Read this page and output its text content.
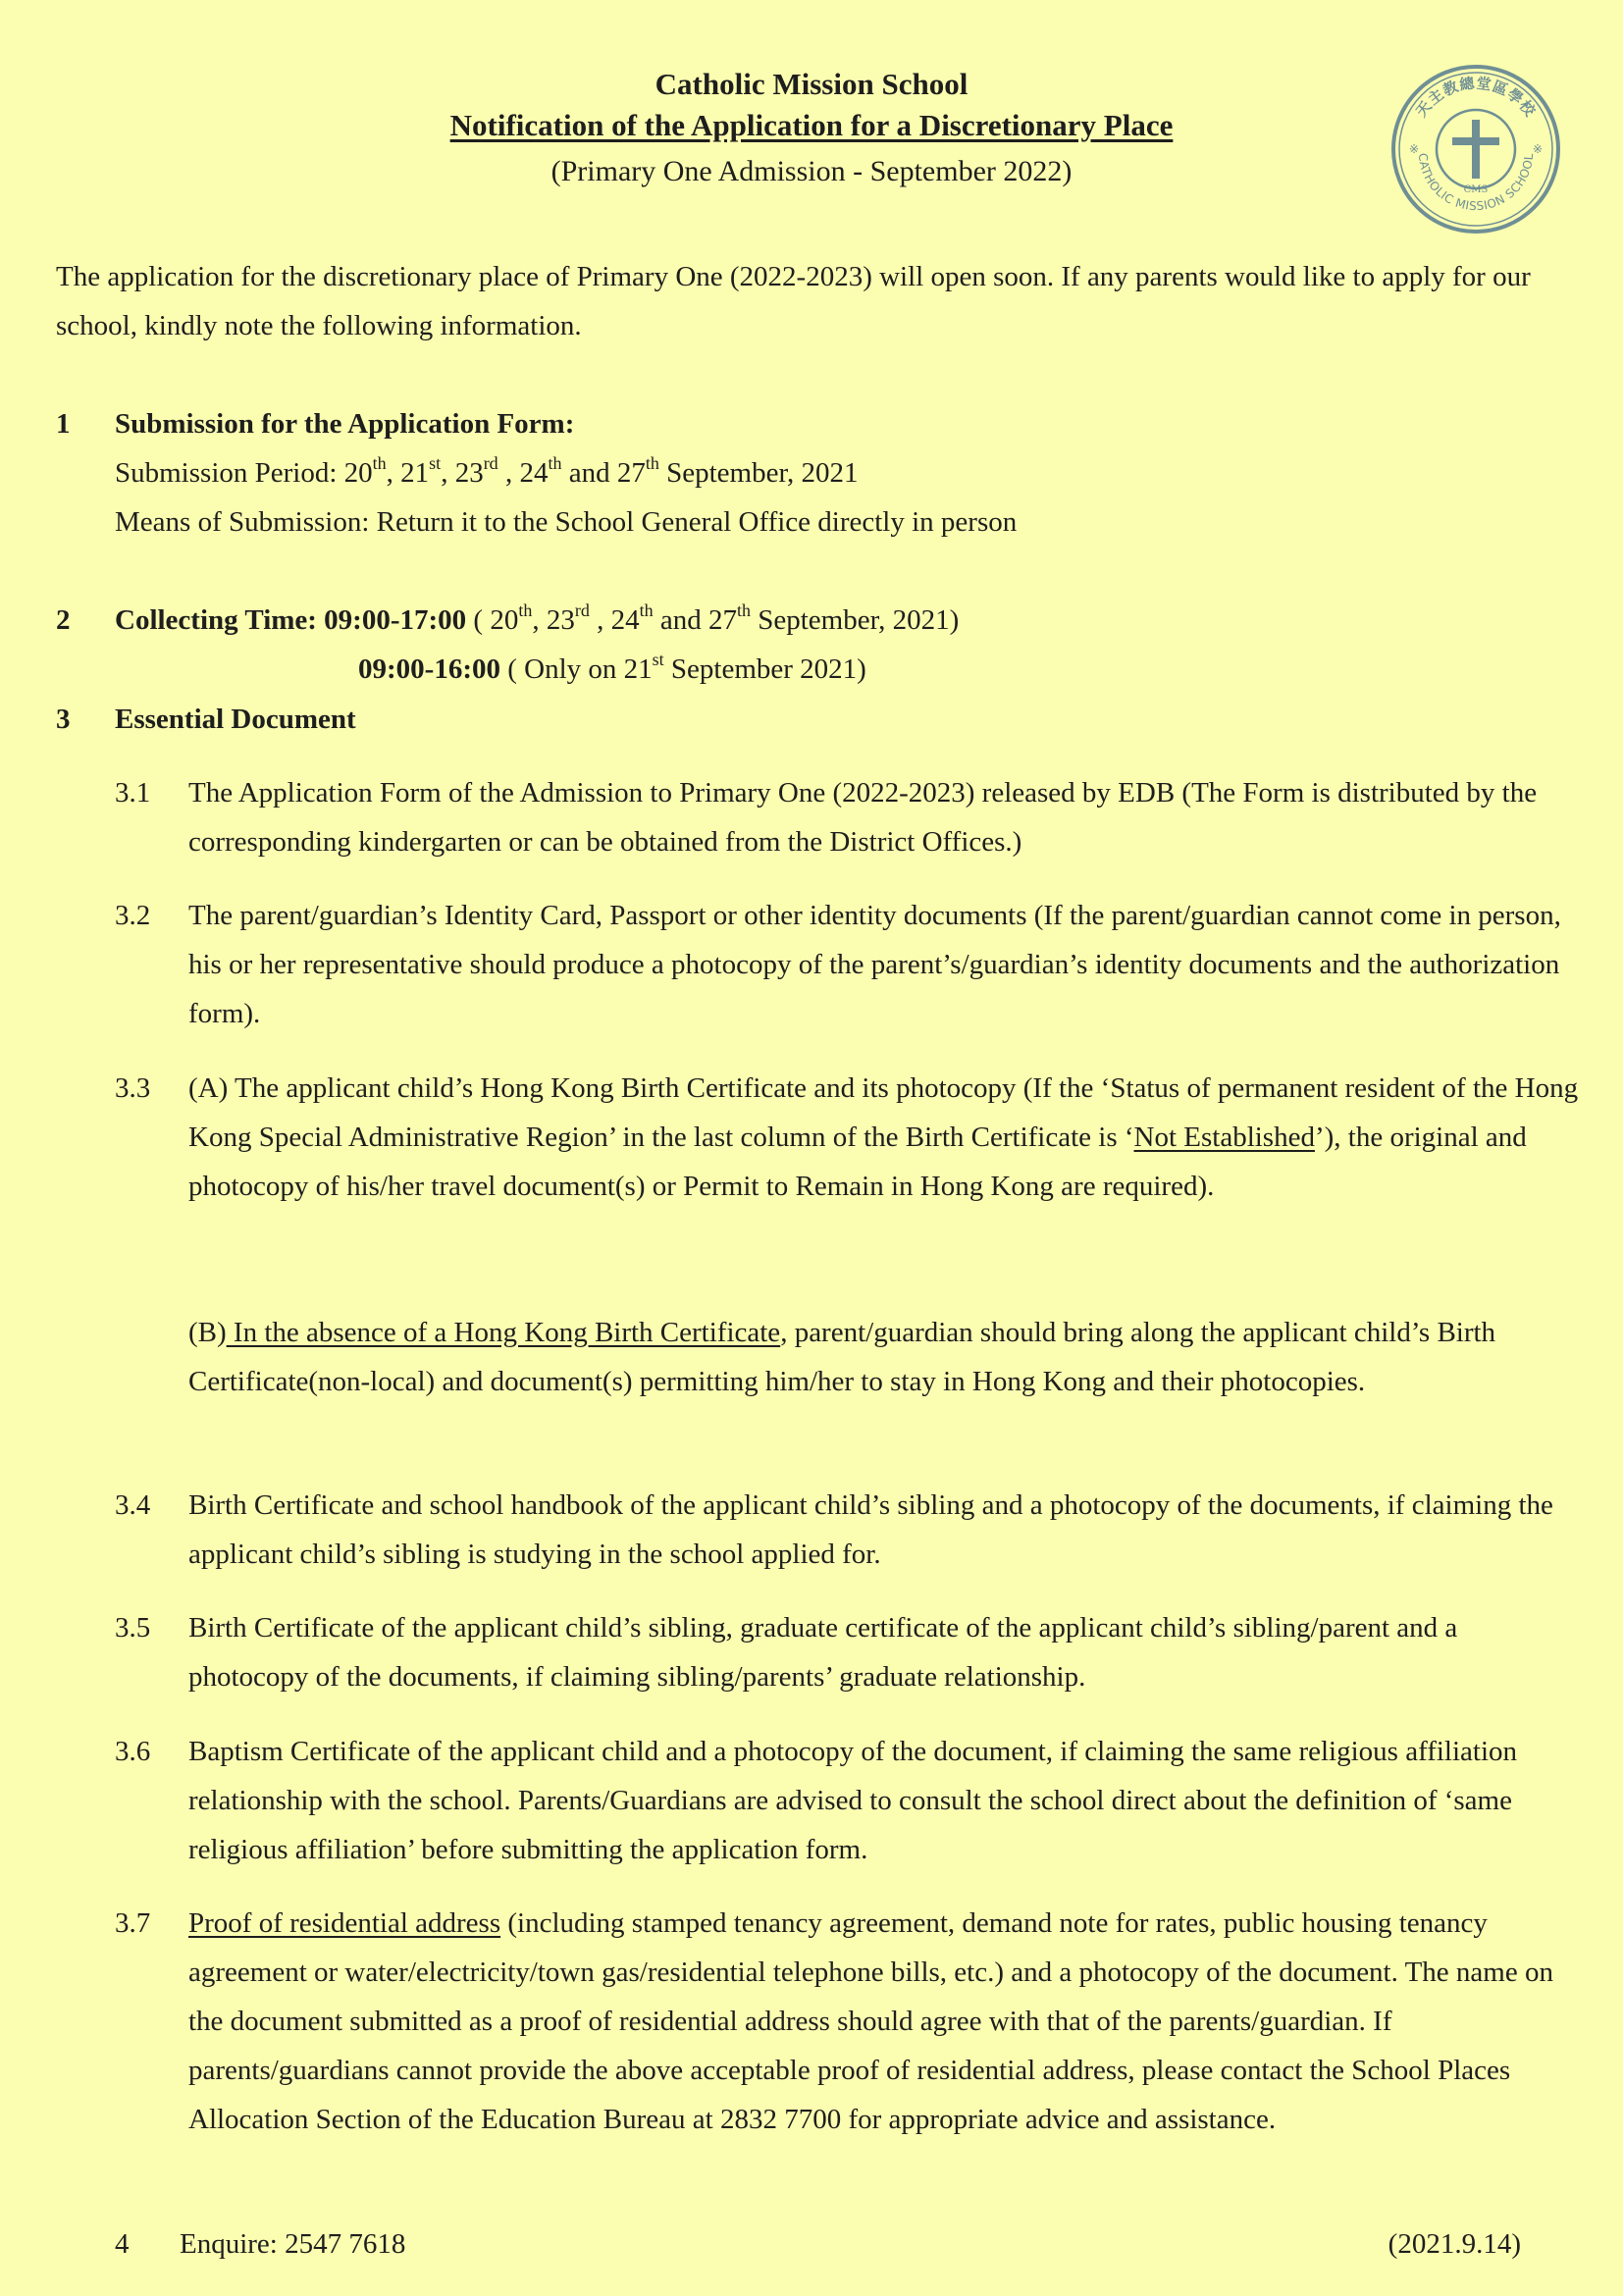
Catholic Mission School
Notification of the Application for a Discretionary Place
(Primary One Admission - September 2022)
天主教總堂區學校
CATHOLIC MISSION SCHOOL
CMS
※	※
The application for the discretionary place of Primary One (2022-2023) will open soon. If any parents would like to apply for our school, kindly note the following information.
1 Submission for the Application Form:
Submission Period: 20th, 21st, 23rd , 24th and 27th September, 2021
Means of Submission: Return it to the School General Office directly in person
2 Collecting Time: 09:00-17:00 ( 20th, 23rd , 24th and 27th September, 2021)
09:00-16:00 ( Only on 21st September 2021)
3 Essential Document
3.1 The Application Form of the Admission to Primary One (2022-2023) released by EDB (The Form is distributed by the corresponding kindergarten or can be obtained from the District Offices.)
3.2 The parent/guardian’s Identity Card, Passport or other identity documents (If the parent/guardian cannot come in person, his or her representative should produce a photocopy of the parent’s/guardian’s identity documents and the authorization form).
3.3 (A) The applicant child’s Hong Kong Birth Certificate and its photocopy (If the ‘Status of permanent resident of the Hong Kong Special Administrative Region’ in the last column of the Birth Certificate is ‘Not Established’), the original and photocopy of his/her travel document(s) or Permit to Remain in Hong Kong are required).
(B) In the absence of a Hong Kong Birth Certificate, parent/guardian should bring along the applicant child’s Birth Certificate(non-local) and document(s) permitting him/her to stay in Hong Kong and their photocopies.
3.4 Birth Certificate and school handbook of the applicant child’s sibling and a photocopy of the documents, if claiming the applicant child’s sibling is studying in the school applied for.
3.5 Birth Certificate of the applicant child’s sibling, graduate certificate of the applicant child’s sibling/parent and a photocopy of the documents, if claiming sibling/parents’ graduate relationship.
3.6 Baptism Certificate of the applicant child and a photocopy of the document, if claiming the same religious affiliation relationship with the school. Parents/Guardians are advised to consult the school direct about the definition of ‘same religious affiliation’ before submitting the application form.
3.7 Proof of residential address (including stamped tenancy agreement, demand note for rates, public housing tenancy agreement or water/electricity/town gas/residential telephone bills, etc.) and a photocopy of the document. The name on the document submitted as a proof of residential address should agree with that of the parents/guardian. If parents/guardians cannot provide the above acceptable proof of residential address, please contact the School Places Allocation Section of the Education Bureau at 2832 7700 for appropriate advice and assistance.
4 Enquire: 2547 7618	(2021.9.14)
